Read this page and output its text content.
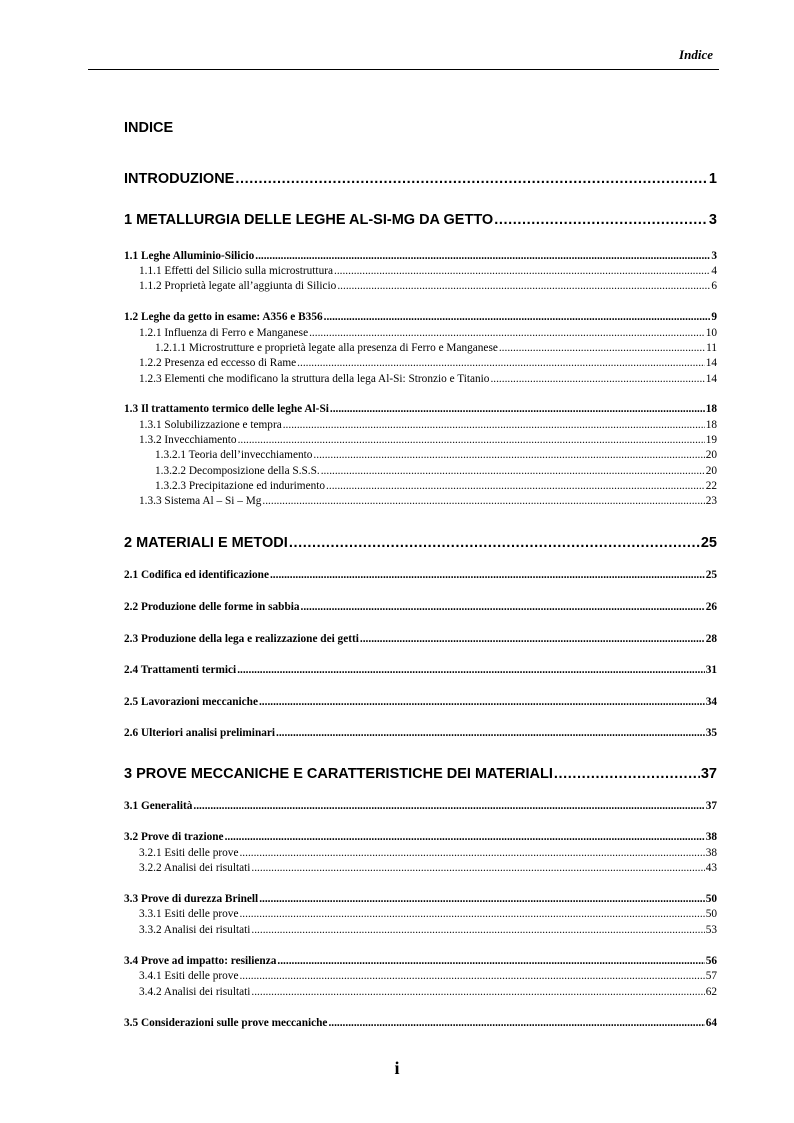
Indice
INDICE
INTRODUZIONE .....	1
1 METALLURGIA DELLE LEGHE AL-SI-MG DA GETTO .....	3
1.1 Leghe Alluminio-Silicio .....	3
1.1.1 Effetti del Silicio sulla microstruttura .....	4
1.1.2 Proprietà legate all’aggiunta di Silicio .....	6
1.2 Leghe da getto in esame: A356 e B356 .....	9
1.2.1 Influenza di Ferro e Manganese .....	10
1.2.1.1 Microstrutture e proprietà legate alla presenza di Ferro e Manganese .....	11
1.2.2 Presenza ed eccesso di Rame .....	14
1.2.3 Elementi che modificano la struttura della lega Al-Si: Stronzio e Titanio .....	14
1.3 Il trattamento termico delle leghe Al-Si .....	18
1.3.1 Solubilizzazione e tempra .....	18
1.3.2 Invecchiamento .....	19
1.3.2.1 Teoria dell’invecchiamento .....	20
1.3.2.2 Decomposizione della S.S.S. .....	20
1.3.2.3 Precipitazione ed indurimento .....	22
1.3.3 Sistema Al – Si – Mg .....	23
2 MATERIALI E METODI .....	25
2.1 Codifica ed identificazione .....	25
2.2 Produzione delle forme in sabbia .....	26
2.3 Produzione della lega e realizzazione dei getti .....	28
2.4 Trattamenti termici .....	31
2.5 Lavorazioni meccaniche .....	34
2.6 Ulteriori analisi preliminari .....	35
3 PROVE MECCANICHE E CARATTERISTICHE DEI MATERIALI .....	37
3.1 Generalità .....	37
3.2 Prove di trazione .....	38
3.2.1 Esiti delle prove .....	38
3.2.2 Analisi dei risultati .....	43
3.3 Prove di durezza Brinell .....	50
3.3.1 Esiti delle prove .....	50
3.3.2 Analisi dei risultati .....	53
3.4 Prove ad impatto: resilienza .....	56
3.4.1 Esiti delle prove .....	57
3.4.2 Analisi dei risultati .....	62
3.5 Considerazioni sulle prove meccaniche .....	64
i
